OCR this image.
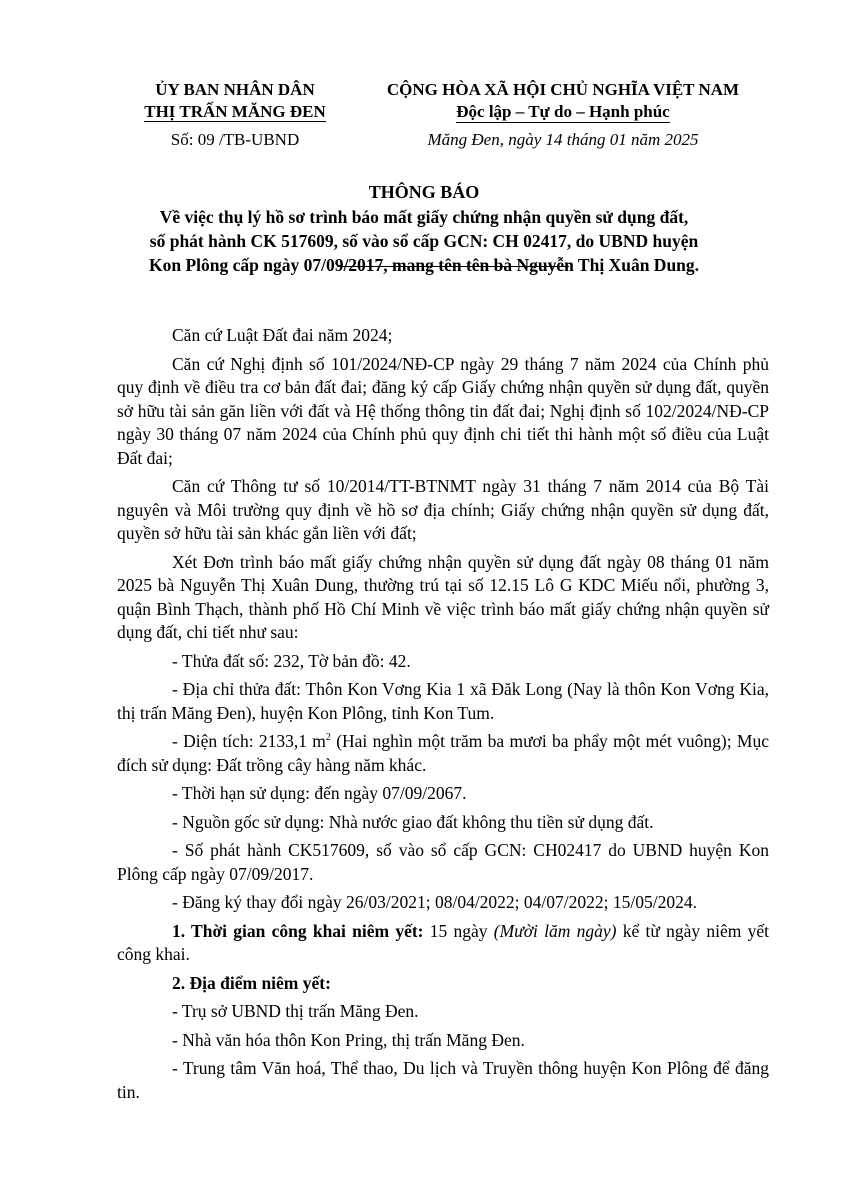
ỦY BAN NHÂN DÂN
THỊ TRẤN MĂNG ĐEN
Số: 09 /TB-UBND
CỘNG HÒA XÃ HỘI CHỦ NGHĨA VIỆT NAM
Độc lập – Tự do – Hạnh phúc
Măng Đen, ngày 14 tháng 01 năm 2025
THÔNG BÁO
Về việc thụ lý hồ sơ trình báo mất giấy chứng nhận quyền sử dụng đất,
số phát hành CK 517609, số vào sổ cấp GCN: CH 02417, do UBND huyện
Kon Plông cấp ngày 07/09/2017, mang tên tên bà Nguyễn Thị Xuân Dung.

Căn cứ Luật Đất đai năm 2024;

Căn cứ Nghị định số 101/2024/NĐ-CP ngày 29 tháng 7 năm 2024 của Chính phủ quy định về điều tra cơ bản đất đai; đăng ký cấp Giấy chứng nhận quyền sử dụng đất, quyền sở hữu tài sản găn liền với đất và Hệ thống thông tin đất đai; Nghị định số 102/2024/NĐ-CP ngày 30 tháng 07 năm 2024 của Chính phủ quy định chi tiết thi hành một số điều của Luật Đất đai;

Căn cứ Thông tư số 10/2014/TT-BTNMT ngày 31 tháng 7 năm 2014 của Bộ Tài nguyên và Môi trường quy định về hồ sơ địa chính; Giấy chứng nhận quyền sử dụng đất, quyền sở hữu tài sản khác gắn liền với đất;

Xét Đơn trình báo mất giấy chứng nhận quyền sử dụng đất ngày 08 tháng 01 năm 2025 bà Nguyễn Thị Xuân Dung, thường trú tại số 12.15 Lô G KDC Miếu nổi, phường 3, quận Bình Thạch, thành phố Hồ Chí Minh về việc trình báo mất giấy chứng nhận quyền sử dụng đất, chi tiết như sau:

- Thửa đất số: 232, Tờ bản đồ: 42.

- Địa chỉ thửa đất: Thôn Kon Vơng Kia 1 xã Đăk Long (Nay là thôn Kon Vơng Kia, thị trấn Măng Đen), huyện Kon Plông, tỉnh Kon Tum.

- Diện tích: 2133,1 $m^2$ (Hai nghìn một trăm ba mươi ba phẩy một mét vuông); Mục đích sử dụng: Đất trồng cây hàng năm khác.

- Thời hạn sử dụng: đến ngày 07/09/2067.

- Nguồn gốc sử dụng: Nhà nước giao đất không thu tiền sử dụng đất.

- Số phát hành CK517609, số vào sổ cấp GCN: CH02417 do UBND huyện Kon Plông cấp ngày 07/09/2017.

- Đăng ký thay đổi ngày 26/03/2021; 08/04/2022; 04/07/2022; 15/05/2024.

1. Thời gian công khai niêm yết: 15 ngày (Mười lăm ngày) kể từ ngày niêm yết công khai.

2. Địa điểm niêm yết:

- Trụ sở UBND thị trấn Măng Đen.

- Nhà văn hóa thôn Kon Pring, thị trấn Măng Đen.

- Trung tâm Văn hoá, Thể thao, Du lịch và Truyền thông huyện Kon Plông để đăng tin.
